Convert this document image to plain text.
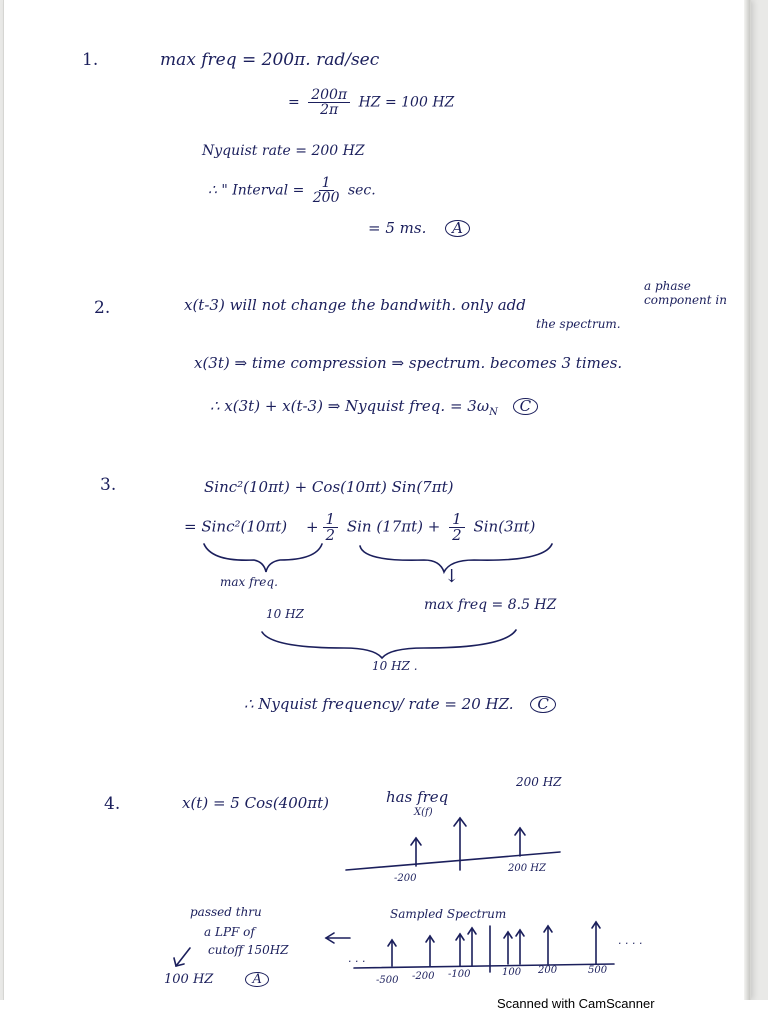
1.	max freq = 200π. rad/sec
= $\frac{200\pi}{2\pi}$ HZ = 100 HZ
Nyquist rate = 200 HZ
∴ " Interval = $\frac{1}{200} \sec$.
= 5 ms. A
2.	x(t-3) will not change the bandwith. only add
a phase
component in
the spectrum.
x(3t) ⇒ time compression ⇒ spectrum. becomes 3 times.
∴ x(3t) + x(t-3) ⇒ Nyquist freq. = $3\omega_N$ C
3.	Sinc²(10πt) + Cos(10πt) Sin(7πt)
= Sinc²(10πt) + $\frac{1}{2}$ Sin $(17\pi t) + \frac{1}{2} Sin(3\pi t)$
↓
max freq.
10 HZ
max freq = 8.5 HZ
10 HZ .
∴ Nyquist frequency/ rate = 20 HZ. C
4.	x(t) = 5 Cos(400πt)	has freq
200 HZ
X(f)
-200
200 HZ
passed thru
a LPF of
cutoff 150HZ
Sampled Spectrum
· · ·
· · · ·
-500 -200 -100	100 200	500
100 HZ	A
Scanned with CamScanner
